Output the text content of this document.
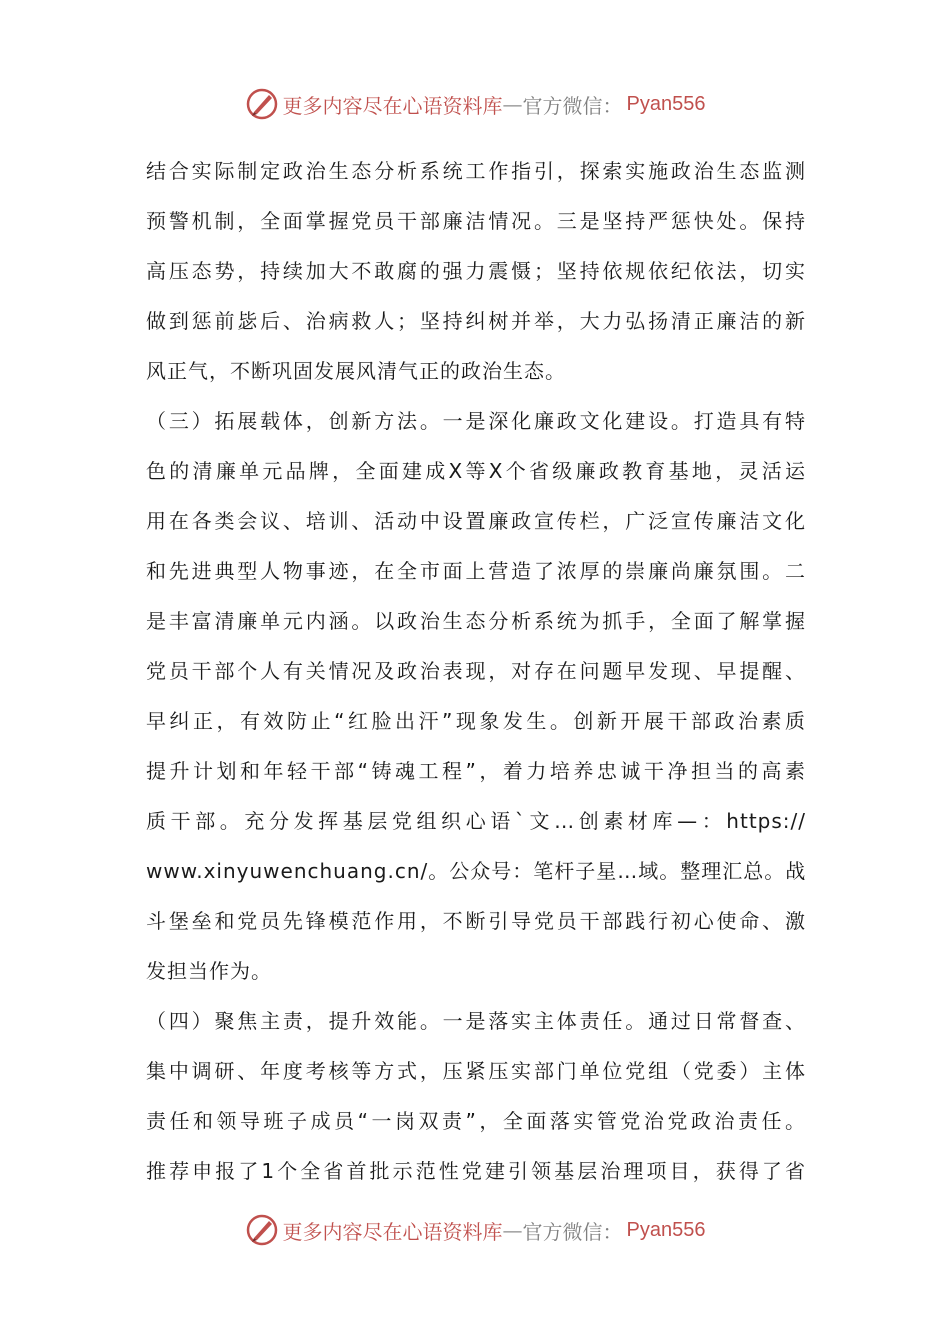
更多内容尽在心语资料库 — 官方微信： Pyan556
结合实际制定政治生态分析系统工作指引，探索实施政治生态监测
预警机制，全面掌握党员干部廉洁情况。三是坚持严惩快处。保持
高压态势，持续加大不敢腐的强力震慑；坚持依规依纪依法，切实
做到惩前毖后、治病救人；坚持纠树并举，大力弘扬清正廉洁的新
风正气，不断巩固发展风清气正的政治生态。
（三）拓展载体，创新方法。一是深化廉政文化建设。打造具有特
色的清廉单元品牌，全面建成X等X个省级廉政教育基地，灵活运
用在各类会议、培训、活动中设置廉政宣传栏，广泛宣传廉洁文化
和先进典型人物事迹，在全市面上营造了浓厚的崇廉尚廉氛围。二
是丰富清廉单元内涵。以政治生态分析系统为抓手，全面了解掌握
党员干部个人有关情况及政治表现，对存在问题早发现、早提醒、
早纠正，有效防止“红脸出汗”现象发生。创新开展干部政治素质
提升计划和年轻干部“铸魂工程”，着力培养忠诚干净担当的高素
质干部。充分发挥基层党组织心语`文…创素材库—：https://
www.xinyuwenchuang.cn/。公众号：笔杆子星…域。整理汇总。战
斗堡垒和党员先锋模范作用，不断引导党员干部践行初心使命、激
发担当作为。
（四）聚焦主责，提升效能。一是落实主体责任。通过日常督查、
集中调研、年度考核等方式，压紧压实部门单位党组（党委）主体
责任和领导班子成员“一岗双责”，全面落实管党治党政治责任。
推荐申报了1个全省首批示范性党建引领基层治理项目，获得了省
更多内容尽在心语资料库 — 官方微信： Pyan556
